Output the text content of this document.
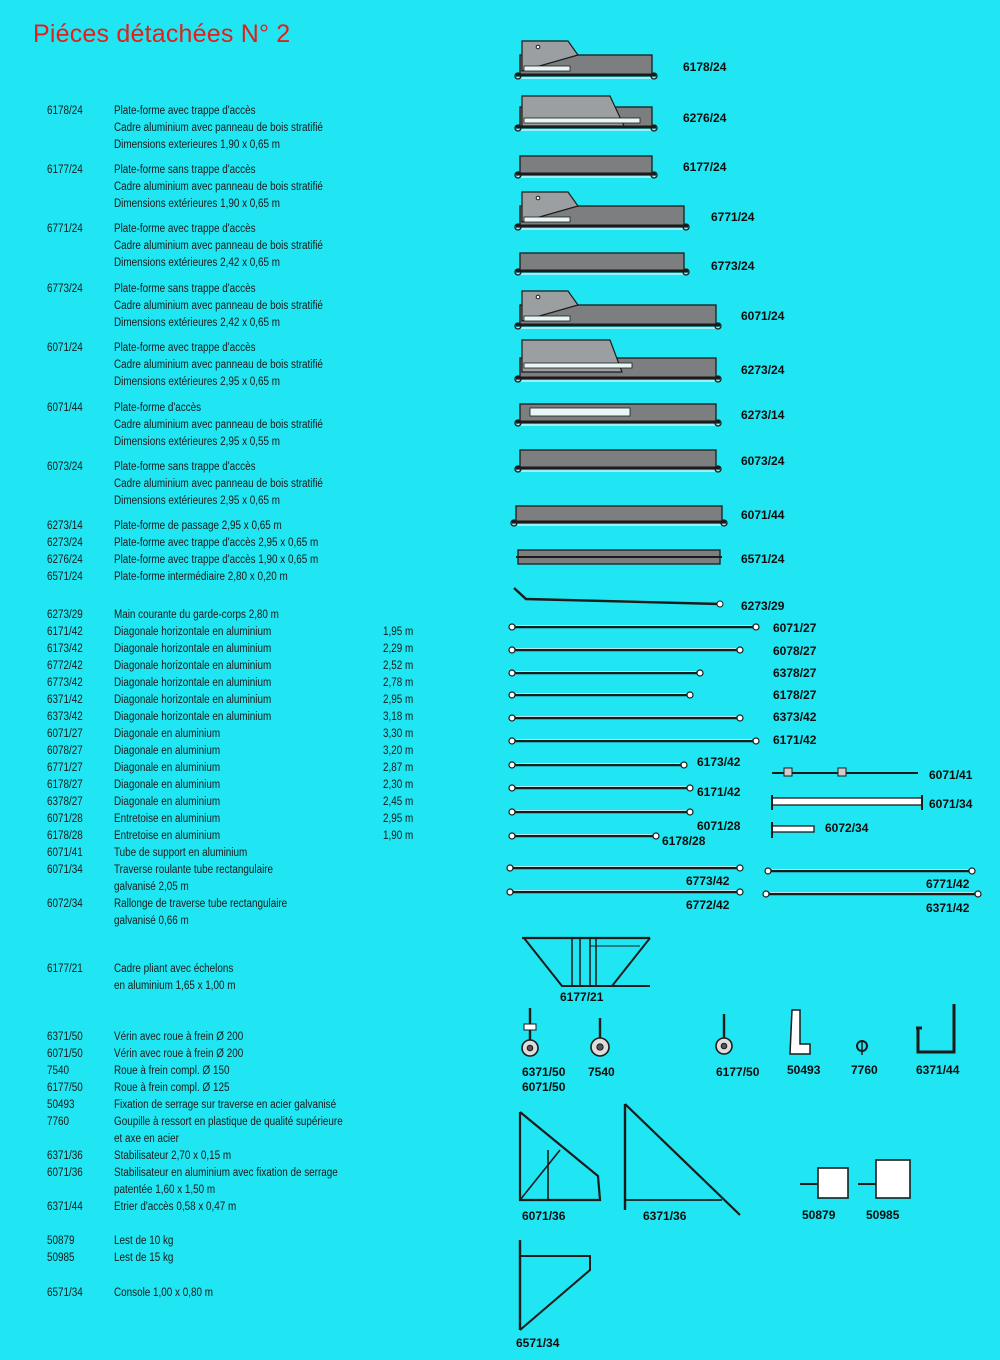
Piéces détachées N° 2
6178/24	Plate-forme avec trappe d'accès
Cadre aluminium avec panneau de bois stratifié
Dimensions exterieures 1,90 x 0,65 m
6177/24	Plate-forme sans trappe d'accès
Cadre aluminium avec panneau de bois stratifié
Dimensions extérieures 1,90 x 0,65 m
6771/24	Plate-forme avec trappe d'accès
Cadre aluminium avec panneau de bois stratifié
Dimensions extérieures 2,42 x 0,65 m
6773/24	Plate-forme sans trappe d'accès
Cadre aluminium avec panneau de bois stratifié
Dimensions extérieures 2,42 x 0,65 m
6071/24	Plate-forme avec trappe d'accès
Cadre aluminium avec panneau de bois stratifié
Dimensions extérieures 2,95 x 0,65 m
6071/44	Plate-forme d'accès
Cadre aluminium avec panneau de bois stratifié
Dimensions extérieures 2,95 x 0,55 m
6073/24	Plate-forme sans trappe d'accès
Cadre aluminium avec panneau de bois stratifié
Dimensions extérieures 2,95 x 0,65 m
6273/14	Plate-forme de passage 2,95 x 0,65 m
6273/24	Plate-forme avec trappe d'accès 2,95 x 0,65 m
6276/24	Plate-forme avec trappe d'accès 1,90 x 0,65 m
6571/24	Plate-forme intermédiaire 2,80 x 0,20 m
6273/29	Main courante du garde-corps 2,80 m
6171/42	Diagonale horizontale en aluminium	1,95 m
6173/42	Diagonale horizontale en aluminium	2,29 m
6772/42	Diagonale horizontale en aluminium	2,52 m
6773/42	Diagonale horizontale en aluminium	2,78 m
6371/42	Diagonale horizontale en aluminium	2,95 m
6373/42	Diagonale horizontale en aluminium	3,18 m
6071/27	Diagonale en aluminium	3,30 m
6078/27	Diagonale en aluminium	3,20 m
6771/27	Diagonale en aluminium	2,87 m
6178/27	Diagonale en aluminium	2,30 m
6378/27	Diagonale en aluminium	2,45 m
6071/28	Entretoise en aluminium	2,95 m
6178/28	Entretoise en aluminium	1,90 m
6071/41	Tube de support en aluminium
6071/34	Traverse roulante tube rectangulaire
galvanisé 2,05 m
6072/34	Rallonge de traverse tube rectangulaire
galvanisé 0,66 m
6177/21	Cadre pliant avec échelons
en aluminium 1,65 x 1,00 m
6371/50	Vérin avec roue à frein Ø 200
6071/50	Vérin avec roue à frein Ø 200
7540	Roue à frein compl. Ø 150
6177/50	Roue à frein compl. Ø 125
50493	Fixation de serrage sur traverse en acier galvanisé
7760	Goupille à ressort en plastique de qualité supérieure
et axe en acier
6371/36	Stabilisateur 2,70 x 0,15 m
6071/36	Stabilisateur en aluminium avec fixation de serrage
patentée 1,60 x 1,50 m
6371/44	Etrier d'accès 0,58 x 0,47 m
50879	Lest de 10 kg
50985	Lest de 15 kg
6571/34	Console 1,00 x 0,80 m
6178/24
6276/24
6177/24
6771/24
6773/24
6071/24
6273/24
6273/14
6073/24
6071/44
6571/24
6273/29
6071/27
6078/27
6378/27
6178/27
6373/42
6171/42
6173/42
6071/41
6171/42
6071/34
6071/28	6072/34
6178/28
6773/42	6771/42
6772/42	6371/42
6177/21
6371/50
6071/50
7540	6177/50 50493	7760	6371/44
6071/36	6371/36	50879	50985
6571/34
